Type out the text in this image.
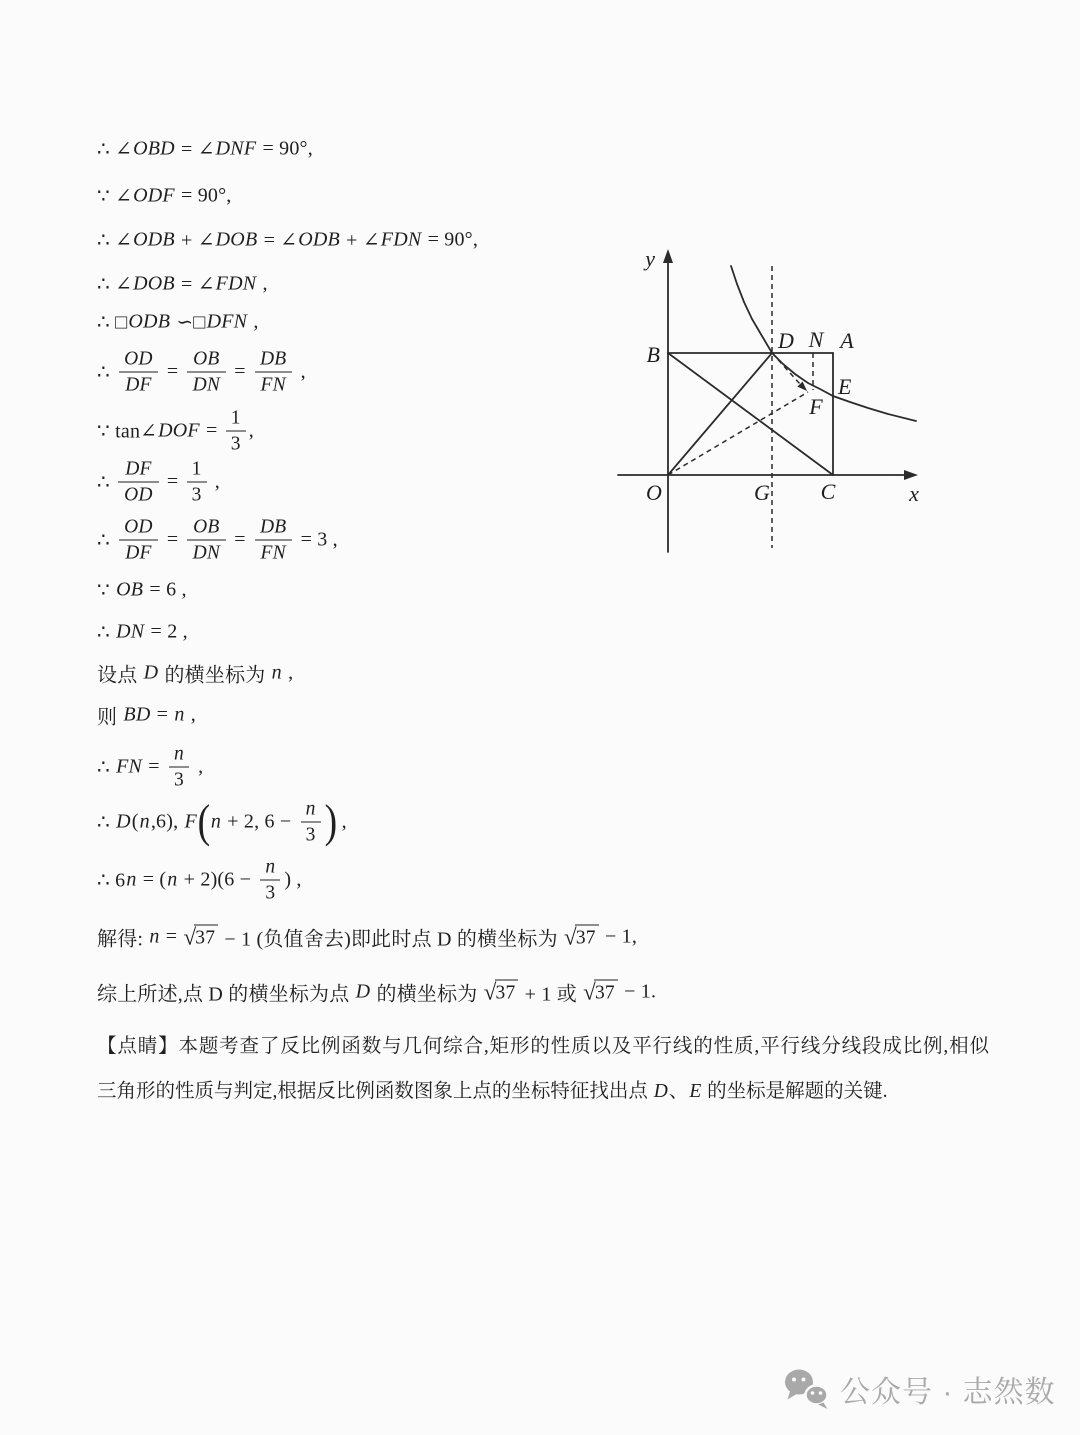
∴ ∠ OBD = ∠ DNF = 90°,
∵ ∠ ODF = 90°,
∴ ∠ ODB + ∠ DOB = ∠ ODB + ∠ FDN = 90°,
∴ ∠ DOB = ∠ FDN ,
∴ □ ODB ∽□ DFN ,
∴ $\frac{OD}{DF} = \frac{OB}{DN} = \frac{DB}{FN}$ ,
∵ tan∠ DOF = $\frac{1}{3}$ ,
∴ $\frac{DF}{OD} = \frac{1}{3}$ ,
∴ $\frac{OD}{DF} = \frac{OB}{DN} = \frac{DB}{FN} = 3$ ,
∵ OB = 6 ,
∴ DN = 2 ,
设点 D 的横坐标为 n ,
则 BD = n ,
∴ FN = $\frac{n}{3}$ ,
∴ D ( n ,6), F ( n + 2, $6 - \frac{n}{3}$ ) ,
∴ 6 n = ( $n + 2)(6 - \frac{n}{3}$ ) ,
解得: n = √ 37 − 1 (负值舍去)即此时点 D 的横坐标为 √ 37 − 1,
综上所述,点 D 的横坐标为点 D 的横坐标为 √ 37 + 1 或 √ 37 − 1.
【点睛】本题考查了反比例函数与几何综合,矩形的性质以及平行线的性质,平行线分线段成比例,相似
三角形的性质与判定,根据反比例函数图象上点的坐标特征找出点 D、E 的坐标是解题的关键.
y
B
D N A
E
F
O	G C	x
公众号 · 志然数
